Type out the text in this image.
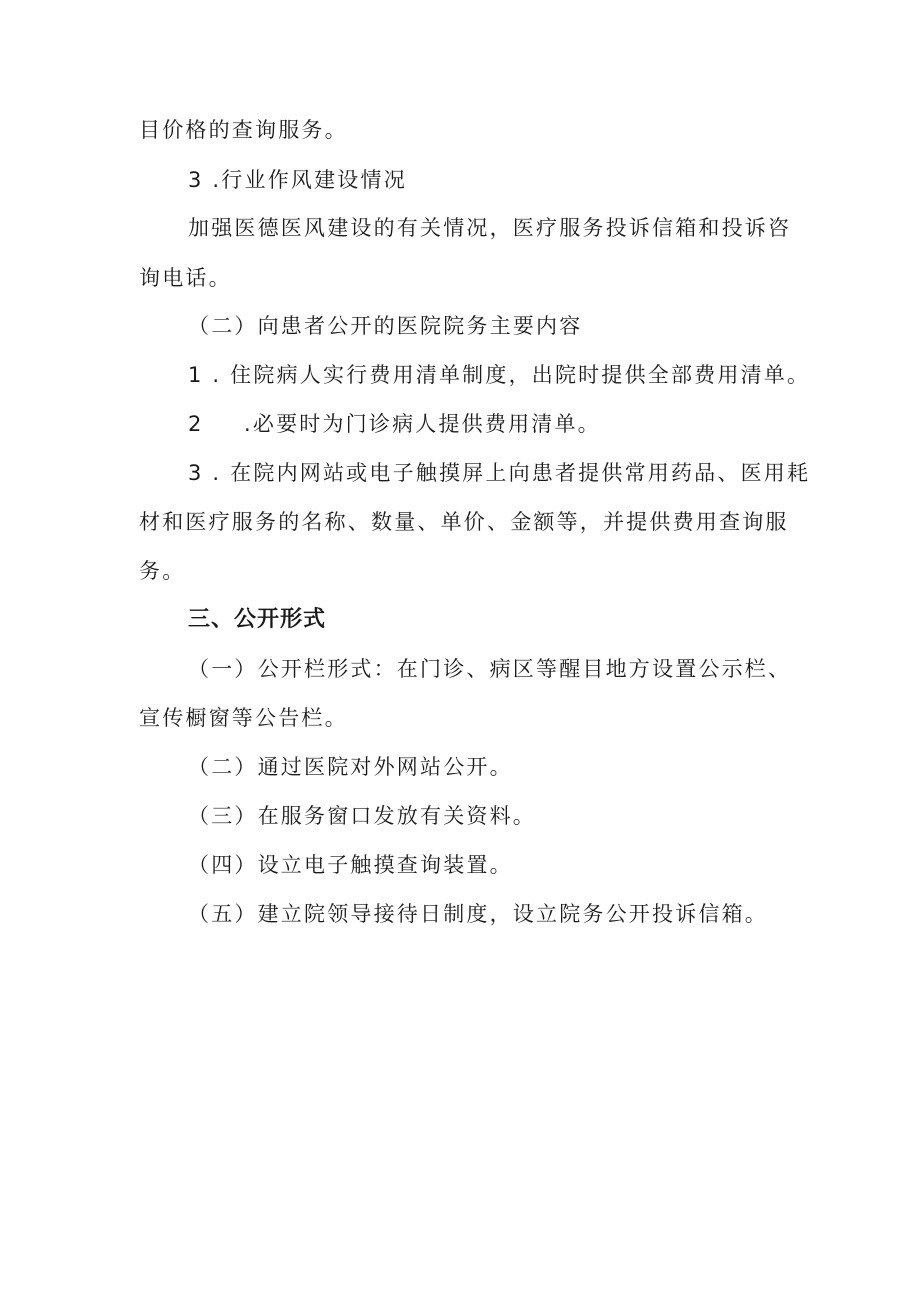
目价格的查询服务。
3 .行业作风建设情况
加强医德医风建设的有关情况，医疗服务投诉信箱和投诉咨
询电话。
（二）向患者公开的医院院务主要内容
1 . 住院病人实行费用清单制度，出院时提供全部费用清单。
2 .必要时为门诊病人提供费用清单。
3 . 在院内网站或电子触摸屏上向患者提供常用药品、医用耗
材和医疗服务的名称、数量、单价、金额等，并提供费用查询服
务。
三、公开形式
（一）公开栏形式：在门诊、病区等醒目地方设置公示栏、
宣传橱窗等公告栏。
（二）通过医院对外网站公开。
（三）在服务窗口发放有关资料。
（四）设立电子触摸查询装置。
（五）建立院领导接待日制度，设立院务公开投诉信箱。
